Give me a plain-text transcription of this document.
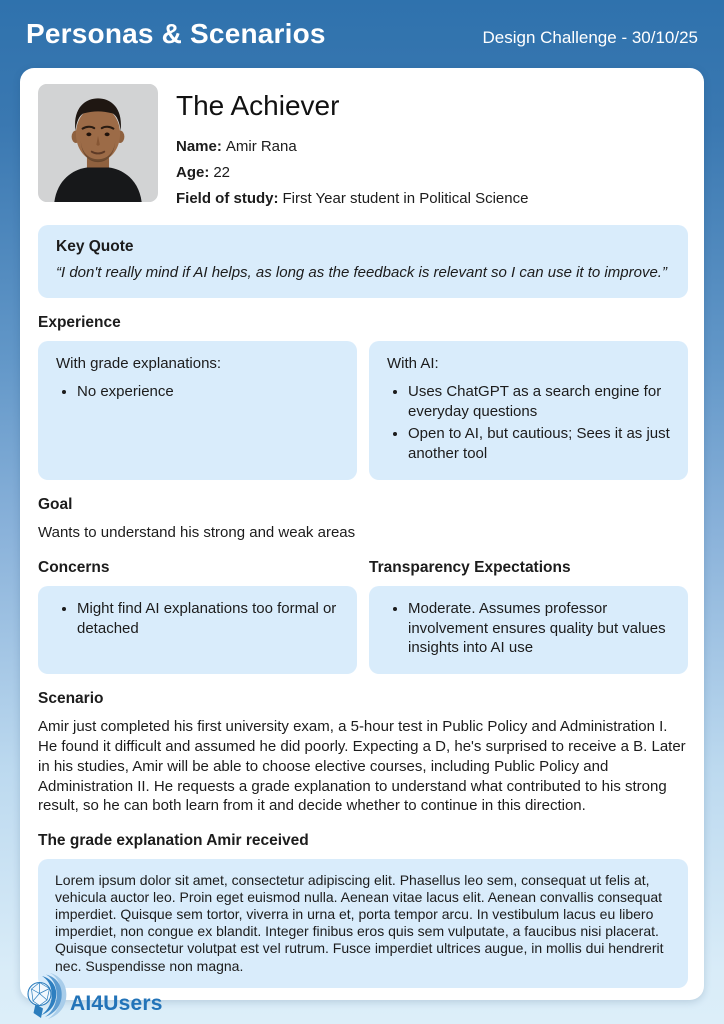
Personas & Scenarios	Design Challenge - 30/10/25
The Achiever
Name: Amir Rana
Age: 22
Field of study: First Year student in Political Science

Key Quote

“I don't really mind if AI helps, as long as the feedback is relevant so I can use it to improve.”

Experience

With grade explanations:

• No experience

With AI:

• Uses ChatGPT as a search engine for everyday questions
• Open to AI, but cautious; Sees it as just another tool
Goal

Wants to understand his strong and weak areas

Concerns
• Might find AI explanations too formal or detached
Transparency Expectations
• Moderate. Assumes professor involvement ensures quality but values insights into AI use
Scenario

Amir just completed his first university exam, a 5-hour test in Public Policy and Administration I. He found it difficult and assumed he did poorly. Expecting a D, he's surprised to receive a B. Later in his studies, Amir will be able to choose elective courses, including Public Policy and Administration II. He requests a grade explanation to understand what contributed to his strong result, so he can both learn from it and decide whether to continue in this direction.

The grade explanation Amir received

Lorem ipsum dolor sit amet, consectetur adipiscing elit. Phasellus leo sem, consequat ut felis at, vehicula auctor leo. Proin eget euismod nulla. Aenean vitae lacus elit. Aenean convallis consequat imperdiet. Quisque sem tortor, viverra in urna et, porta tempor arcu. In vestibulum lacus eu libero imperdiet, non congue ex blandit. Integer finibus eros quis sem vulputate, a faucibus nisi placerat. Quisque consectetur volutpat est vel rutrum. Fusce imperdiet ultrices augue, in mollis dui hendrerit nec. Suspendisse non magna.

AI4Users
